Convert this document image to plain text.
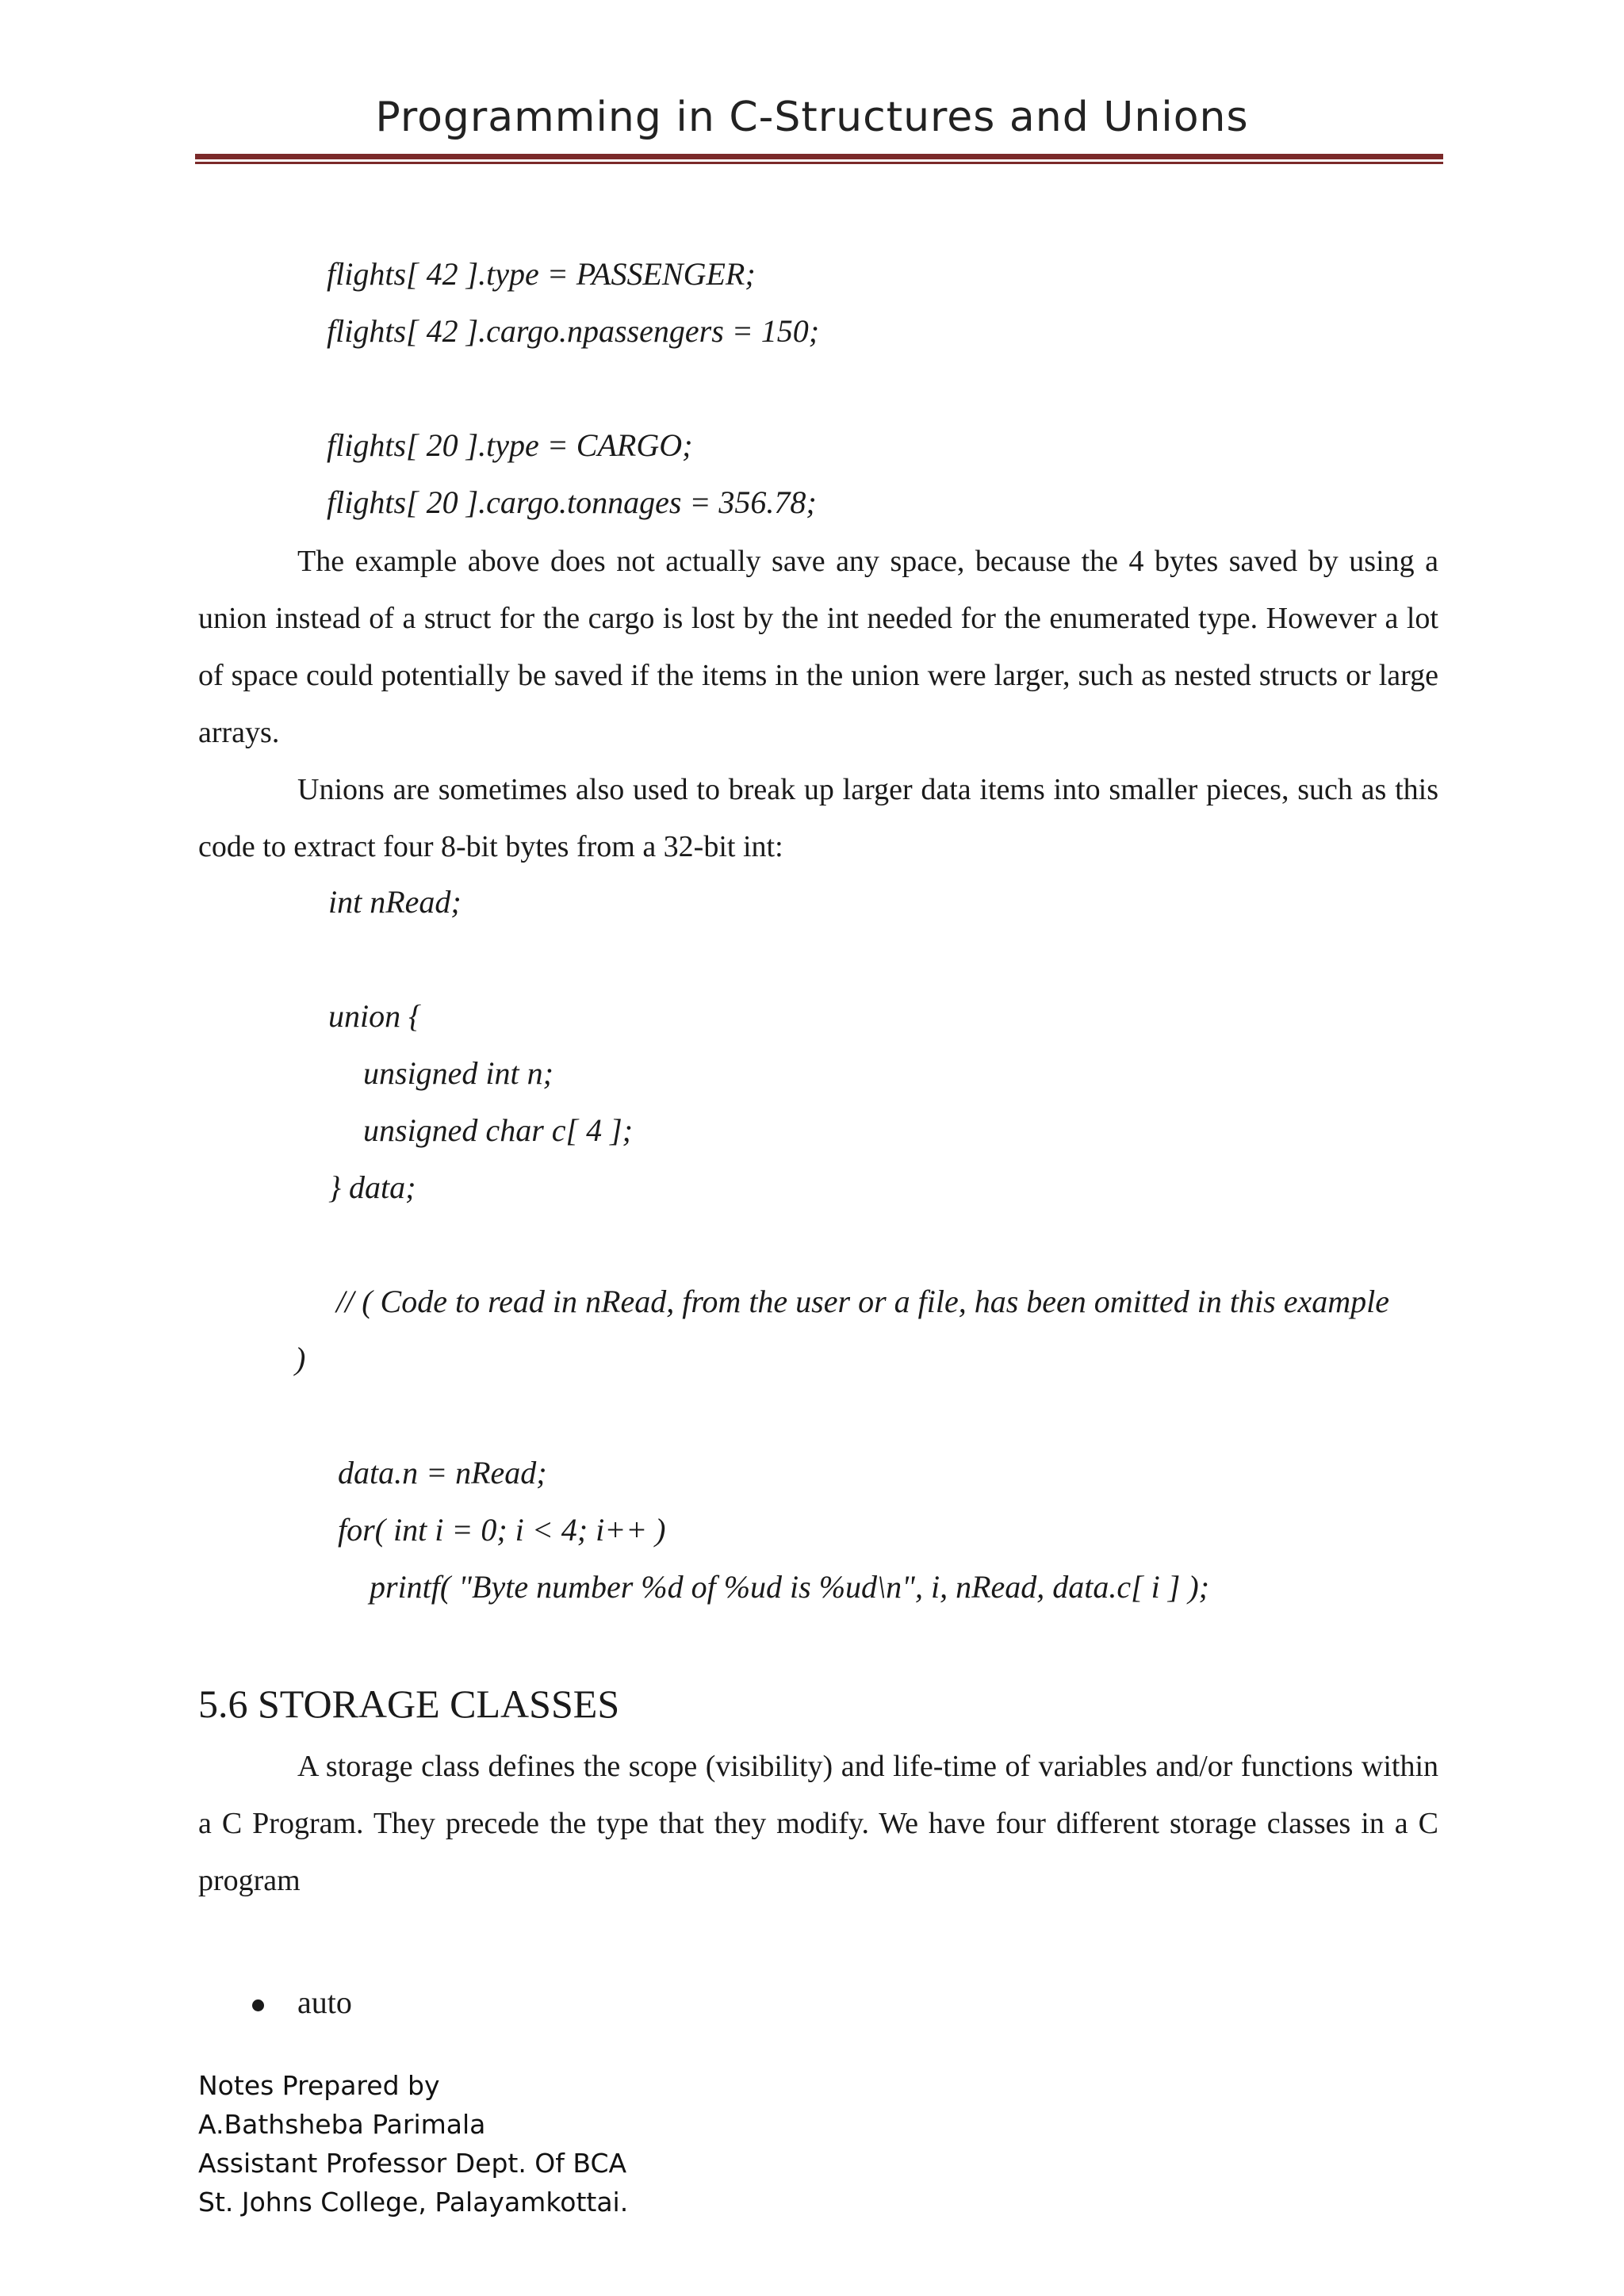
Programming in C-Structures and Unions
flights[ 42 ].type = PASSENGER;
flights[ 42 ].cargo.npassengers = 150;
flights[ 20 ].type = CARGO;
flights[ 20 ].cargo.tonnages = 356.78;

The example above does not actually save any space, because the 4 bytes saved by using a union instead of a struct for the cargo is lost by the int needed for the enumerated type. However a lot of space could potentially be saved if the items in the union were larger, such as nested structs or large arrays.

Unions are sometimes also used to break up larger data items into smaller pieces, such as this code to extract four 8-bit bytes from a 32-bit int:

int nRead;
union {
unsigned int n;
unsigned char c[ 4 ];
} data;
// ( Code to read in nRead, from the user or a file, has been omitted in this example
)
data.n = nRead;
for( int i = 0; i < 4; i++ )
printf( "Byte number %d of %ud is %ud\n", i, nRead, data.c[ i ] );
5.6 STORAGE CLASSES

A storage class defines the scope (visibility) and life-time of variables and/or functions within a C Program. They precede the type that they modify. We have four different storage classes in a C program

auto
Notes Prepared by
A.Bathsheba Parimala
Assistant Professor Dept. Of BCA
St. Johns College, Palayamkottai.
